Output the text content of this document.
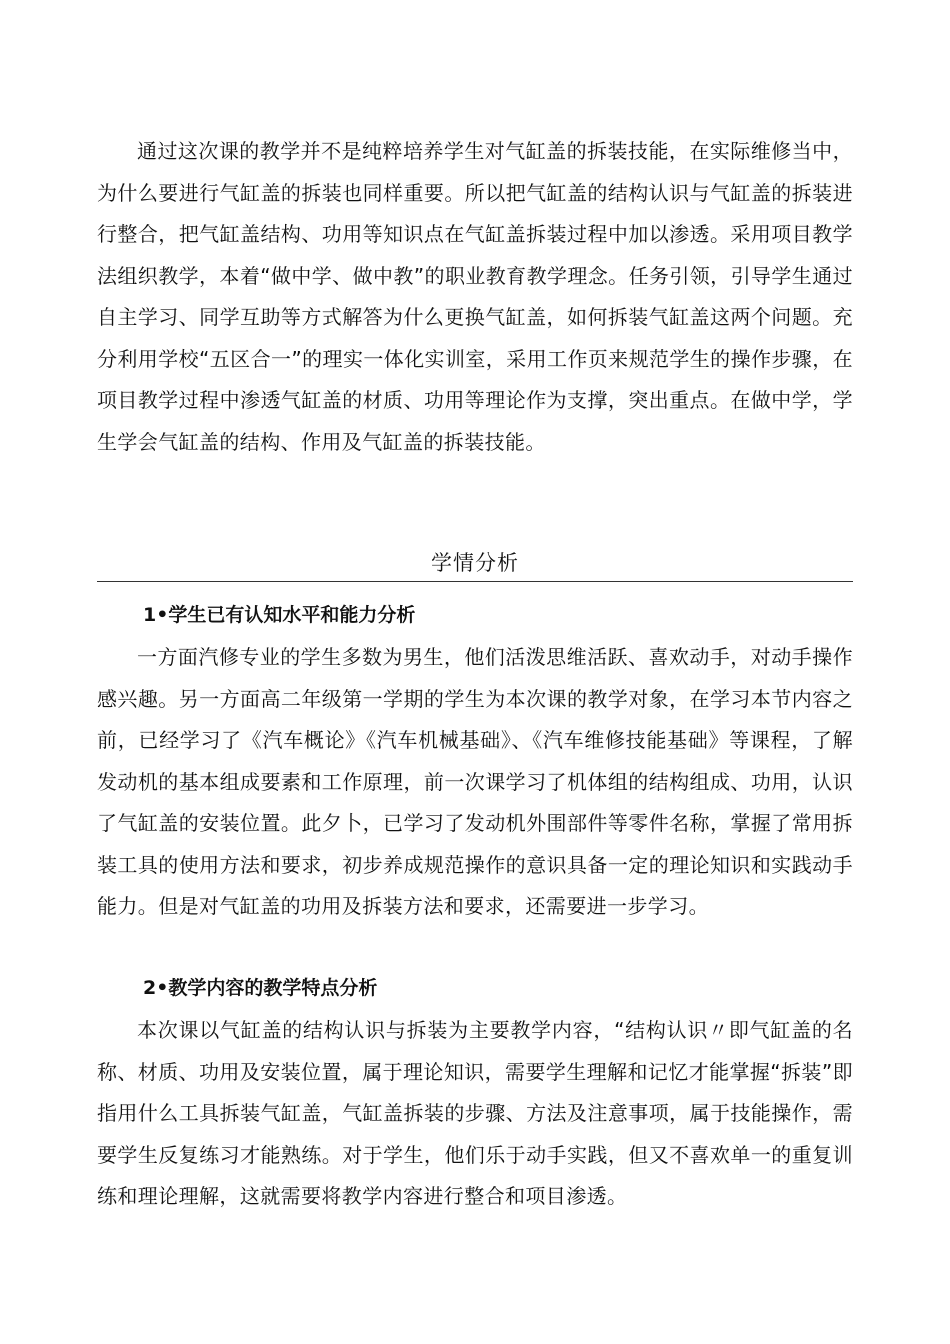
通过这次课的教学并不是纯粹培养学生对气缸盖的拆装技能，在实际维修当中，为什么要进行气缸盖的拆装也同样重要。所以把气缸盖的结构认识与气缸盖的拆装进行整合，把气缸盖结构、功用等知识点在气缸盖拆装过程中加以渗透。采用项目教学法组织教学，本着“做中学、做中教”的职业教育教学理念。任务引领，引导学生通过自主学习、同学互助等方式解答为什么更换气缸盖，如何拆装气缸盖这两个问题。充分利用学校“五区合一”的理实一体化实训室，采用工作页来规范学生的操作步骤，在项目教学过程中渗透气缸盖的材质、功用等理论作为支撑，突出重点。在做中学，学生学会气缸盖的结构、作用及气缸盖的拆装技能。

学情分析

1•学生已有认知水平和能力分析

一方面汽修专业的学生多数为男生，他们活泼思维活跃、喜欢动手，对动手操作感兴趣。另一方面高二年级第一学期的学生为本次课的教学对象，在学习本节内容之前，已经学习了《汽车概论》《汽车机械基础》、《汽车维修技能基础》等课程，了解发动机的基本组成要素和工作原理，前一次课学习了机体组的结构组成、功用，认识了气缸盖的安装位置。此夕卜，已学习了发动机外围部件等零件名称，掌握了常用拆装工具的使用方法和要求，初步养成规范操作的意识具备一定的理论知识和实践动手能力。但是对气缸盖的功用及拆装方法和要求，还需要进一步学习。

2•教学内容的教学特点分析

本次课以气缸盖的结构认识与拆装为主要教学内容，“结构认识〃即气缸盖的名称、材质、功用及安装位置，属于理论知识，需要学生理解和记忆才能掌握“拆装”即指用什么工具拆装气缸盖，气缸盖拆装的步骤、方法及注意事项，属于技能操作，需要学生反复练习才能熟练。对于学生，他们乐于动手实践，但又不喜欢单一的重复训练和理论理解，这就需要将教学内容进行整合和项目渗透。
